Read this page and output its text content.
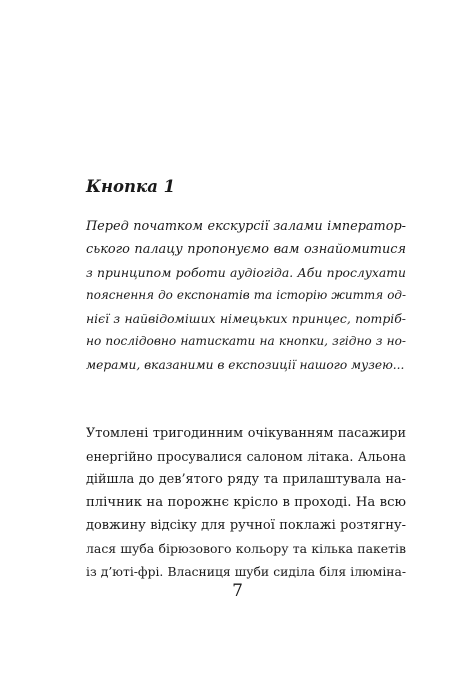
Кнопка 1

Перед початком екскурсії залами імператор-
ського палацу пропонуємо вам ознайомитися
з принципом роботи аудіогіда. Аби прослухати
пояснення до експонатів та історію життя од-
нієї з найвідоміших німецьких принцес, потріб-
но послідовно натискати на кнопки, згідно з но-
мерами, вказаними в експозиції нашого музею...

Утомлені тригодинним очікуванням пасажири
енергійно просувалися салоном літака. Альона
дійшла до дев’ятого ряду та прилаштувала на-
плічник на порожнє крісло в проході. На всю
довжину відсіку для ручної поклажі розтягну-
лася шуба бірюзового кольору та кілька пакетів
із д’юті-фрі. Власниця шуби сиділа біля ілюміна-

7
